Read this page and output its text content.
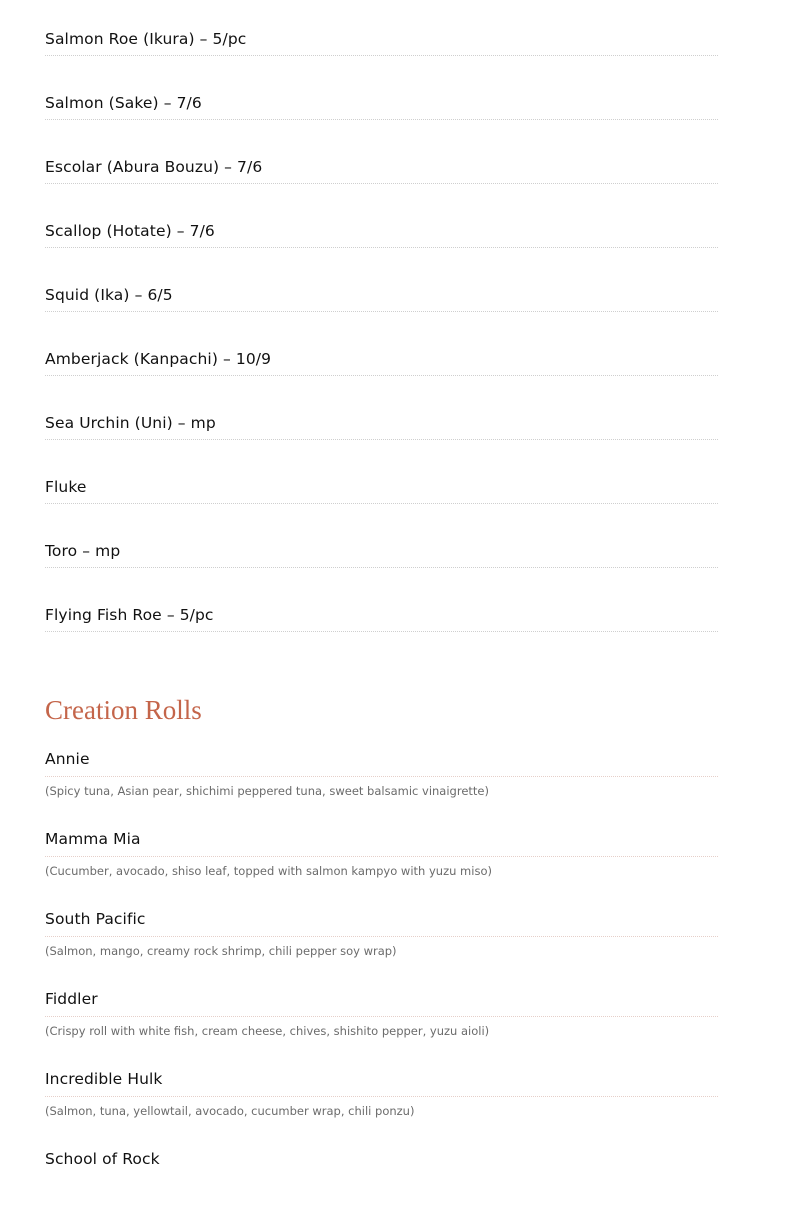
Salmon Roe (Ikura) – 5/pc
Salmon (Sake) – 7/6
Escolar (Abura Bouzu) – 7/6
Scallop (Hotate) – 7/6
Squid (Ika) – 6/5
Amberjack (Kanpachi) – 10/9
Sea Urchin (Uni) – mp
Fluke
Toro – mp
Flying Fish Roe – 5/pc
Creation Rolls
Annie
(Spicy tuna, Asian pear, shichimi peppered tuna, sweet balsamic vinaigrette)
Mamma Mia
(Cucumber, avocado, shiso leaf, topped with salmon kampyo with yuzu miso)
South Pacific
(Salmon, mango, creamy rock shrimp, chili pepper soy wrap)
Fiddler
(Crispy roll with white fish, cream cheese, chives, shishito pepper, yuzu aioli)
Incredible Hulk
(Salmon, tuna, yellowtail, avocado, cucumber wrap, chili ponzu)
School of Rock
